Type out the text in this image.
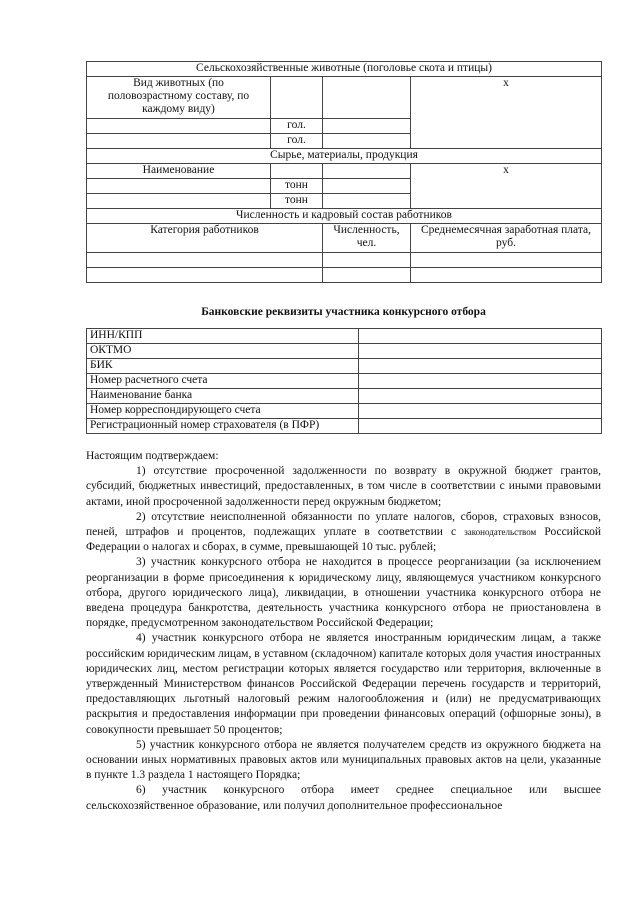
Сельскохозяйственные животные (поголовье скота и птицы)			
Вид животных (по половозрастному составу, по каждому виду)			х
	гол.		
	гол.		
Сырье, материалы, продукция			
Наименование			х
	тонн		
	тонн		
Численность и кадровый состав работников			
Категория работников		Численность, чел.	Среднемесячная заработная плата, руб.

Банковские реквизиты участника конкурсного отбора
ИНН/КПП	
ОКТМО	
БИК	
Номер расчетного счета	
Наименование банка	
Номер корреспондирующего счета	
Регистрационный номер страхователя (в ПФР)	

Настоящим подтверждаем:

1) отсутствие просроченной задолженности по возврату в окружной бюджет грантов, субсидий, бюджетных инвестиций, предоставленных, в том числе в соответствии с иными правовыми актами, иной просроченной задолженности перед окружным бюджетом;

2) отсутствие неисполненной обязанности по уплате налогов, сборов, страховых взносов, пеней, штрафов и процентов, подлежащих уплате в соответствии с законодательством Российской Федерации о налогах и сборах, в сумме, превышающей 10 тыс. рублей;

3) участник конкурсного отбора не находится в процессе реорганизации (за исключением реорганизации в форме присоединения к юридическому лицу, являющемуся участником конкурсного отбора, другого юридического лица), ликвидации, в отношении участника конкурсного отбора не введена процедура банкротства, деятельность участника конкурсного отбора не приостановлена в порядке, предусмотренном законодательством Российской Федерации;

4) участник конкурсного отбора не является иностранным юридическим лицам, а также российским юридическим лицам, в уставном (складочном) капитале которых доля участия иностранных юридических лиц, местом регистрации которых является государство или территория, включенные в утвержденный Министерством финансов Российской Федерации перечень государств и территорий, предоставляющих льготный налоговый режим налогообложения и (или) не предусматривающих раскрытия и предоставления информации при проведении финансовых операций (офшорные зоны), в совокупности превышает 50 процентов;

5) участник конкурсного отбора не является получателем средств из окружного бюджета на основании иных нормативных правовых актов или муниципальных правовых актов на цели, указанные в пункте 1.3 раздела 1 настоящего Порядка;

6) участник конкурсного отбора имеет среднее специальное или высшее сельскохозяйственное образование, или получил дополнительное профессиональное
